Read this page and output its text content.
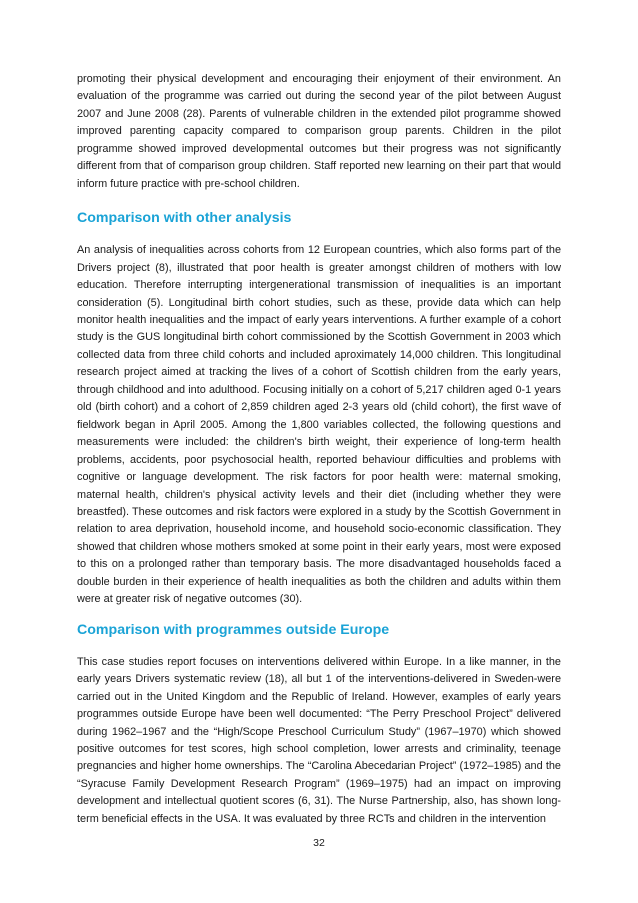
promoting their physical development and encouraging their enjoyment of their environment. An evaluation of the programme was carried out during the second year of the pilot between August 2007 and June 2008 (28). Parents of vulnerable children in the extended pilot programme showed improved parenting capacity compared to comparison group parents. Children in the pilot programme showed improved developmental outcomes but their progress was not significantly different from that of comparison group children. Staff reported new learning on their part that would inform future practice with pre-school children.

Comparison with other analysis

An analysis of inequalities across cohorts from 12 European countries, which also forms part of the Drivers project (8), illustrated that poor health is greater amongst children of mothers with low education. Therefore interrupting intergenerational transmission of inequalities is an important consideration (5). Longitudinal birth cohort studies, such as these, provide data which can help monitor health inequalities and the impact of early years interventions. A further example of a cohort study is the GUS longitudinal birth cohort commissioned by the Scottish Government in 2003 which collected data from three child cohorts and included aproximately 14,000 children. This longitudinal research project aimed at tracking the lives of a cohort of Scottish children from the early years, through childhood and into adulthood. Focusing initially on a cohort of 5,217 children aged 0-1 years old (birth cohort) and a cohort of 2,859 children aged 2-3 years old (child cohort), the first wave of fieldwork began in April 2005. Among the 1,800 variables collected, the following questions and measurements were included: the children's birth weight, their experience of long-term health problems, accidents, poor psychosocial health, reported behaviour difficulties and problems with cognitive or language development. The risk factors for poor health were: maternal smoking, maternal health, children's physical activity levels and their diet (including whether they were breastfed). These outcomes and risk factors were explored in a study by the Scottish Government in relation to area deprivation, household income, and household socio-economic classification. They showed that children whose mothers smoked at some point in their early years, most were exposed to this on a prolonged rather than temporary basis. The more disadvantaged households faced a double burden in their experience of health inequalities as both the children and adults within them were at greater risk of negative outcomes (30).

Comparison with programmes outside Europe

This case studies report focuses on interventions delivered within Europe. In a like manner, in the early years Drivers systematic review (18), all but 1 of the interventions-delivered in Sweden-were carried out in the United Kingdom and the Republic of Ireland. However, examples of early years programmes outside Europe have been well documented: “The Perry Preschool Project” delivered during 1962–1967 and the “High/Scope Preschool Curriculum Study” (1967–1970) which showed positive outcomes for test scores, high school completion, lower arrests and criminality, teenage pregnancies and higher home ownerships. The “Carolina Abecedarian Project” (1972–1985) and the “Syracuse Family Development Research Program” (1969–1975) had an impact on improving development and intellectual quotient scores (6, 31). The Nurse Partnership, also, has shown long-term beneficial effects in the USA. It was evaluated by three RCTs and children in the intervention

32
